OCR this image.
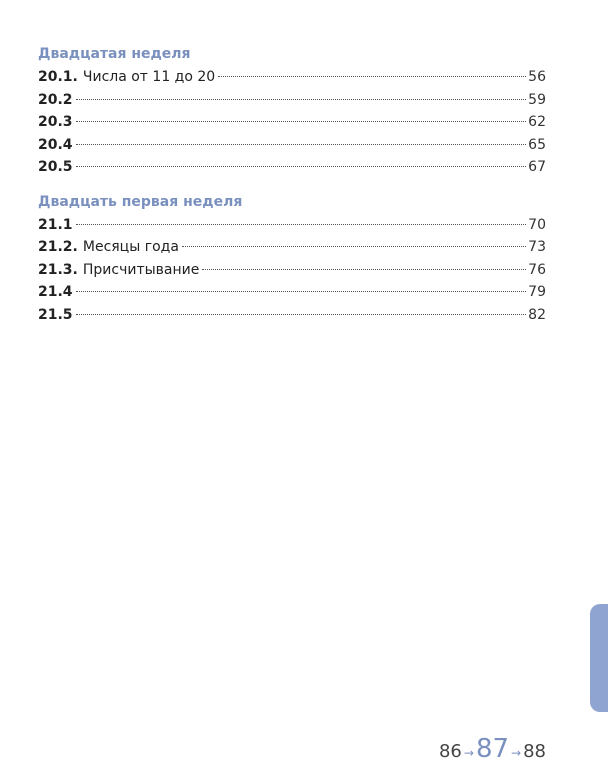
Двадцатая неделя
20.1. Числа от 11 до 20	56
20.2	59
20.3	62
20.4	65
20.5	67
Двадцать первая неделя
21.1	70
21.2. Месяцы года	73
21.3. Присчитывание	76
21.4	79
21.5	82
86 → 87 → 88
